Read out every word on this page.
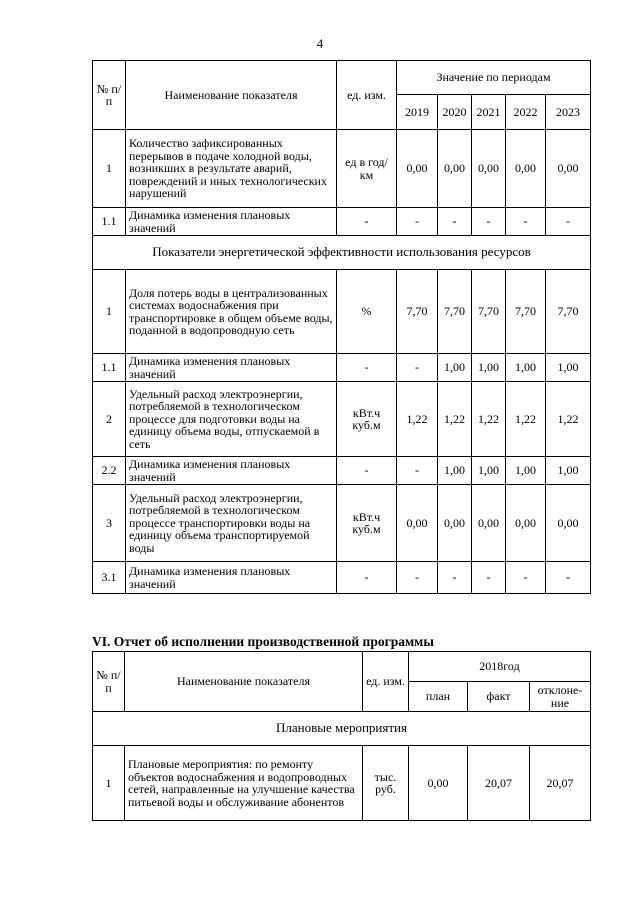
4
№ п/п	Наименование показателя	ед. изм.	Значение по периодам				
			2019	2020	2021	2022	2023
1	Количество зафиксированных перерывов в подаче холодной воды, возникших в результате аварий, повреждений и иных технологических нарушений	ед в год/ км	0,00	0,00	0,00	0,00	0,00
1.1	Динамика изменения плановых значений	-	-	-	-	-	-
Показатели энергетической эффективности использования ресурсов							
1	Доля потерь воды в централизованных системах водоснабжения при транспортировке в общем объеме воды, поданной в водопроводную сеть	%	7,70	7,70	7,70	7,70	7,70
1.1	Динамика изменения плановых значений	-	-	1,00	1,00	1,00	1,00
2	Удельный расход электроэнергии, потребляемой в технологическом процессе для подготовки воды на единицу объема воды, отпускаемой в сеть	кВт.ч куб.м	1,22	1,22	1,22	1,22	1,22
2.2	Динамика изменения плановых значений	-	-	1,00	1,00	1,00	1,00
3	Удельный расход электроэнергии, потребляемой в технологическом процессе транспортировки воды на единицу объема транспортируемой воды	кВт.ч куб.м	0,00	0,00	0,00	0,00	0,00
3.1	Динамика изменения плановых значений	-	-	-	-	-	-
VI. Отчет об исполнении производственной программы
№ п/п	Наименование показателя	ед. изм.	2018год		
			план	факт	отклоне-ние
Плановые мероприятия					
1	Плановые мероприятия: по ремонту объектов водоснабжения и водопроводных сетей, направленные на улучшение качества питьевой воды и обслуживание абонентов	тыс. руб.	0,00	20,07	20,07
